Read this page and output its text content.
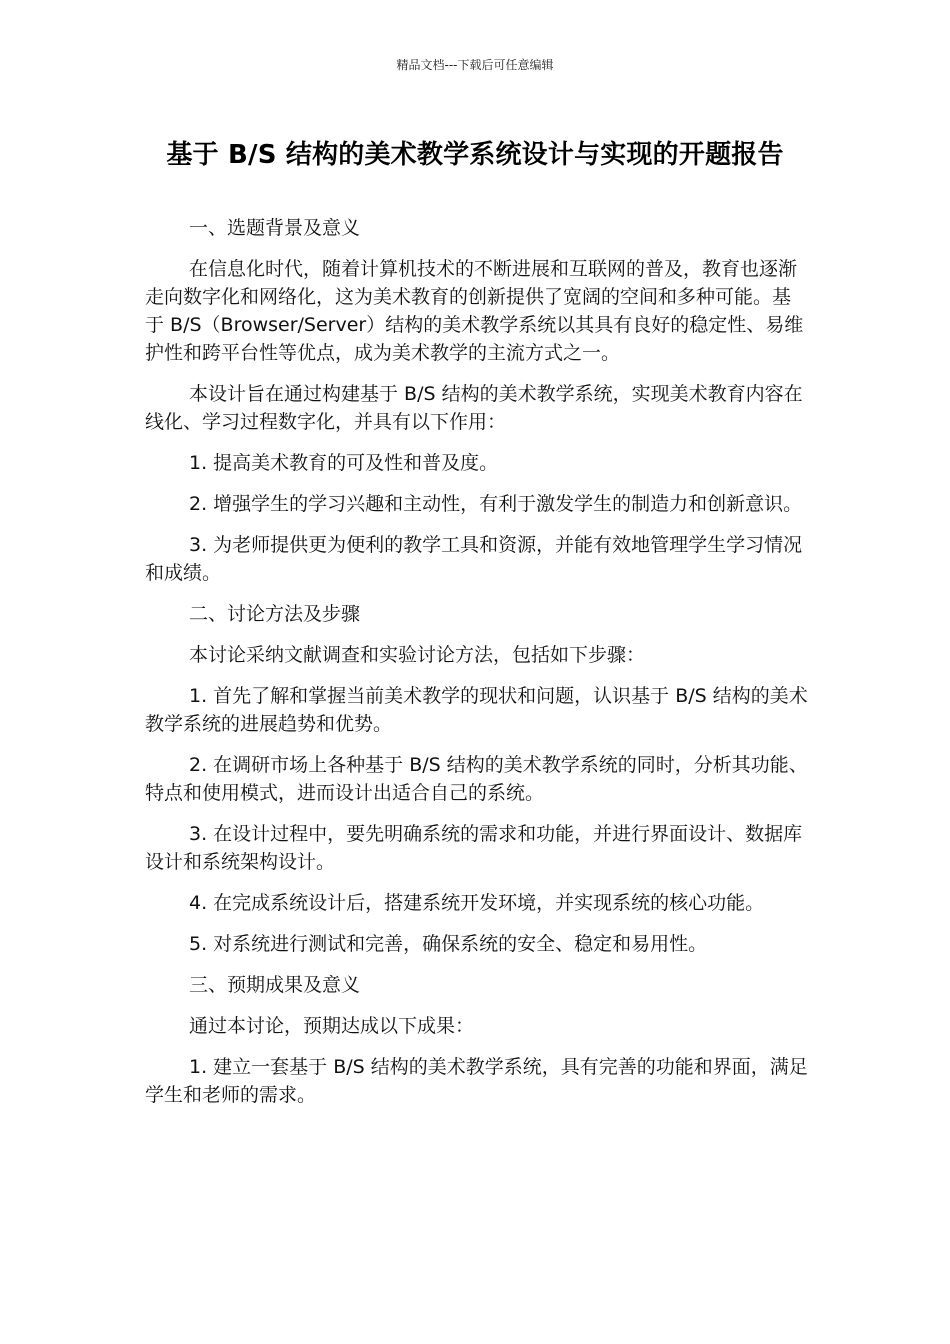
精品文档---下载后可任意编辑
基于 B/S 结构的美术教学系统设计与实现的开题报告

一、选题背景及意义

在信息化时代，随着计算机技术的不断进展和互联网的普及，教育也逐渐走向数字化和网络化，这为美术教育的创新提供了宽阔的空间和多种可能。基于 B/S（Browser/Server）结构的美术教学系统以其具有良好的稳定性、易维护性和跨平台性等优点，成为美术教学的主流方式之一。

本设计旨在通过构建基于 B/S 结构的美术教学系统，实现美术教育内容在线化、学习过程数字化，并具有以下作用：

1. 提高美术教育的可及性和普及度。

2. 增强学生的学习兴趣和主动性，有利于激发学生的制造力和创新意识。

3. 为老师提供更为便利的教学工具和资源，并能有效地管理学生学习情况和成绩。

二、讨论方法及步骤

本讨论采纳文献调查和实验讨论方法，包括如下步骤：

1. 首先了解和掌握当前美术教学的现状和问题，认识基于 B/S 结构的美术教学系统的进展趋势和优势。

2. 在调研市场上各种基于 B/S 结构的美术教学系统的同时，分析其功能、特点和使用模式，进而设计出适合自己的系统。

3. 在设计过程中，要先明确系统的需求和功能，并进行界面设计、数据库设计和系统架构设计。

4. 在完成系统设计后，搭建系统开发环境，并实现系统的核心功能。

5. 对系统进行测试和完善，确保系统的安全、稳定和易用性。

三、预期成果及意义

通过本讨论，预期达成以下成果：

1. 建立一套基于 B/S 结构的美术教学系统，具有完善的功能和界面，满足学生和老师的需求。
